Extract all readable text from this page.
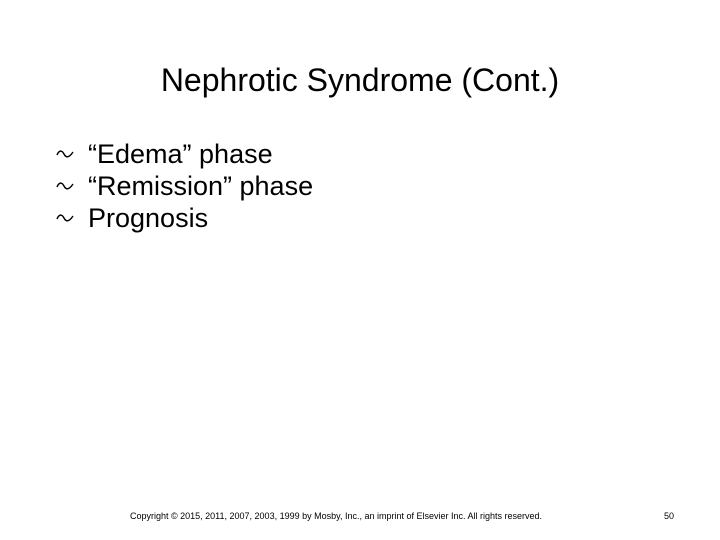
Nephrotic Syndrome (Cont.)
“Edema” phase
“Remission” phase
Prognosis
Copyright © 2015, 2011, 2007, 2003, 1999 by Mosby, Inc., an imprint of Elsevier Inc. All rights reserved.	50
